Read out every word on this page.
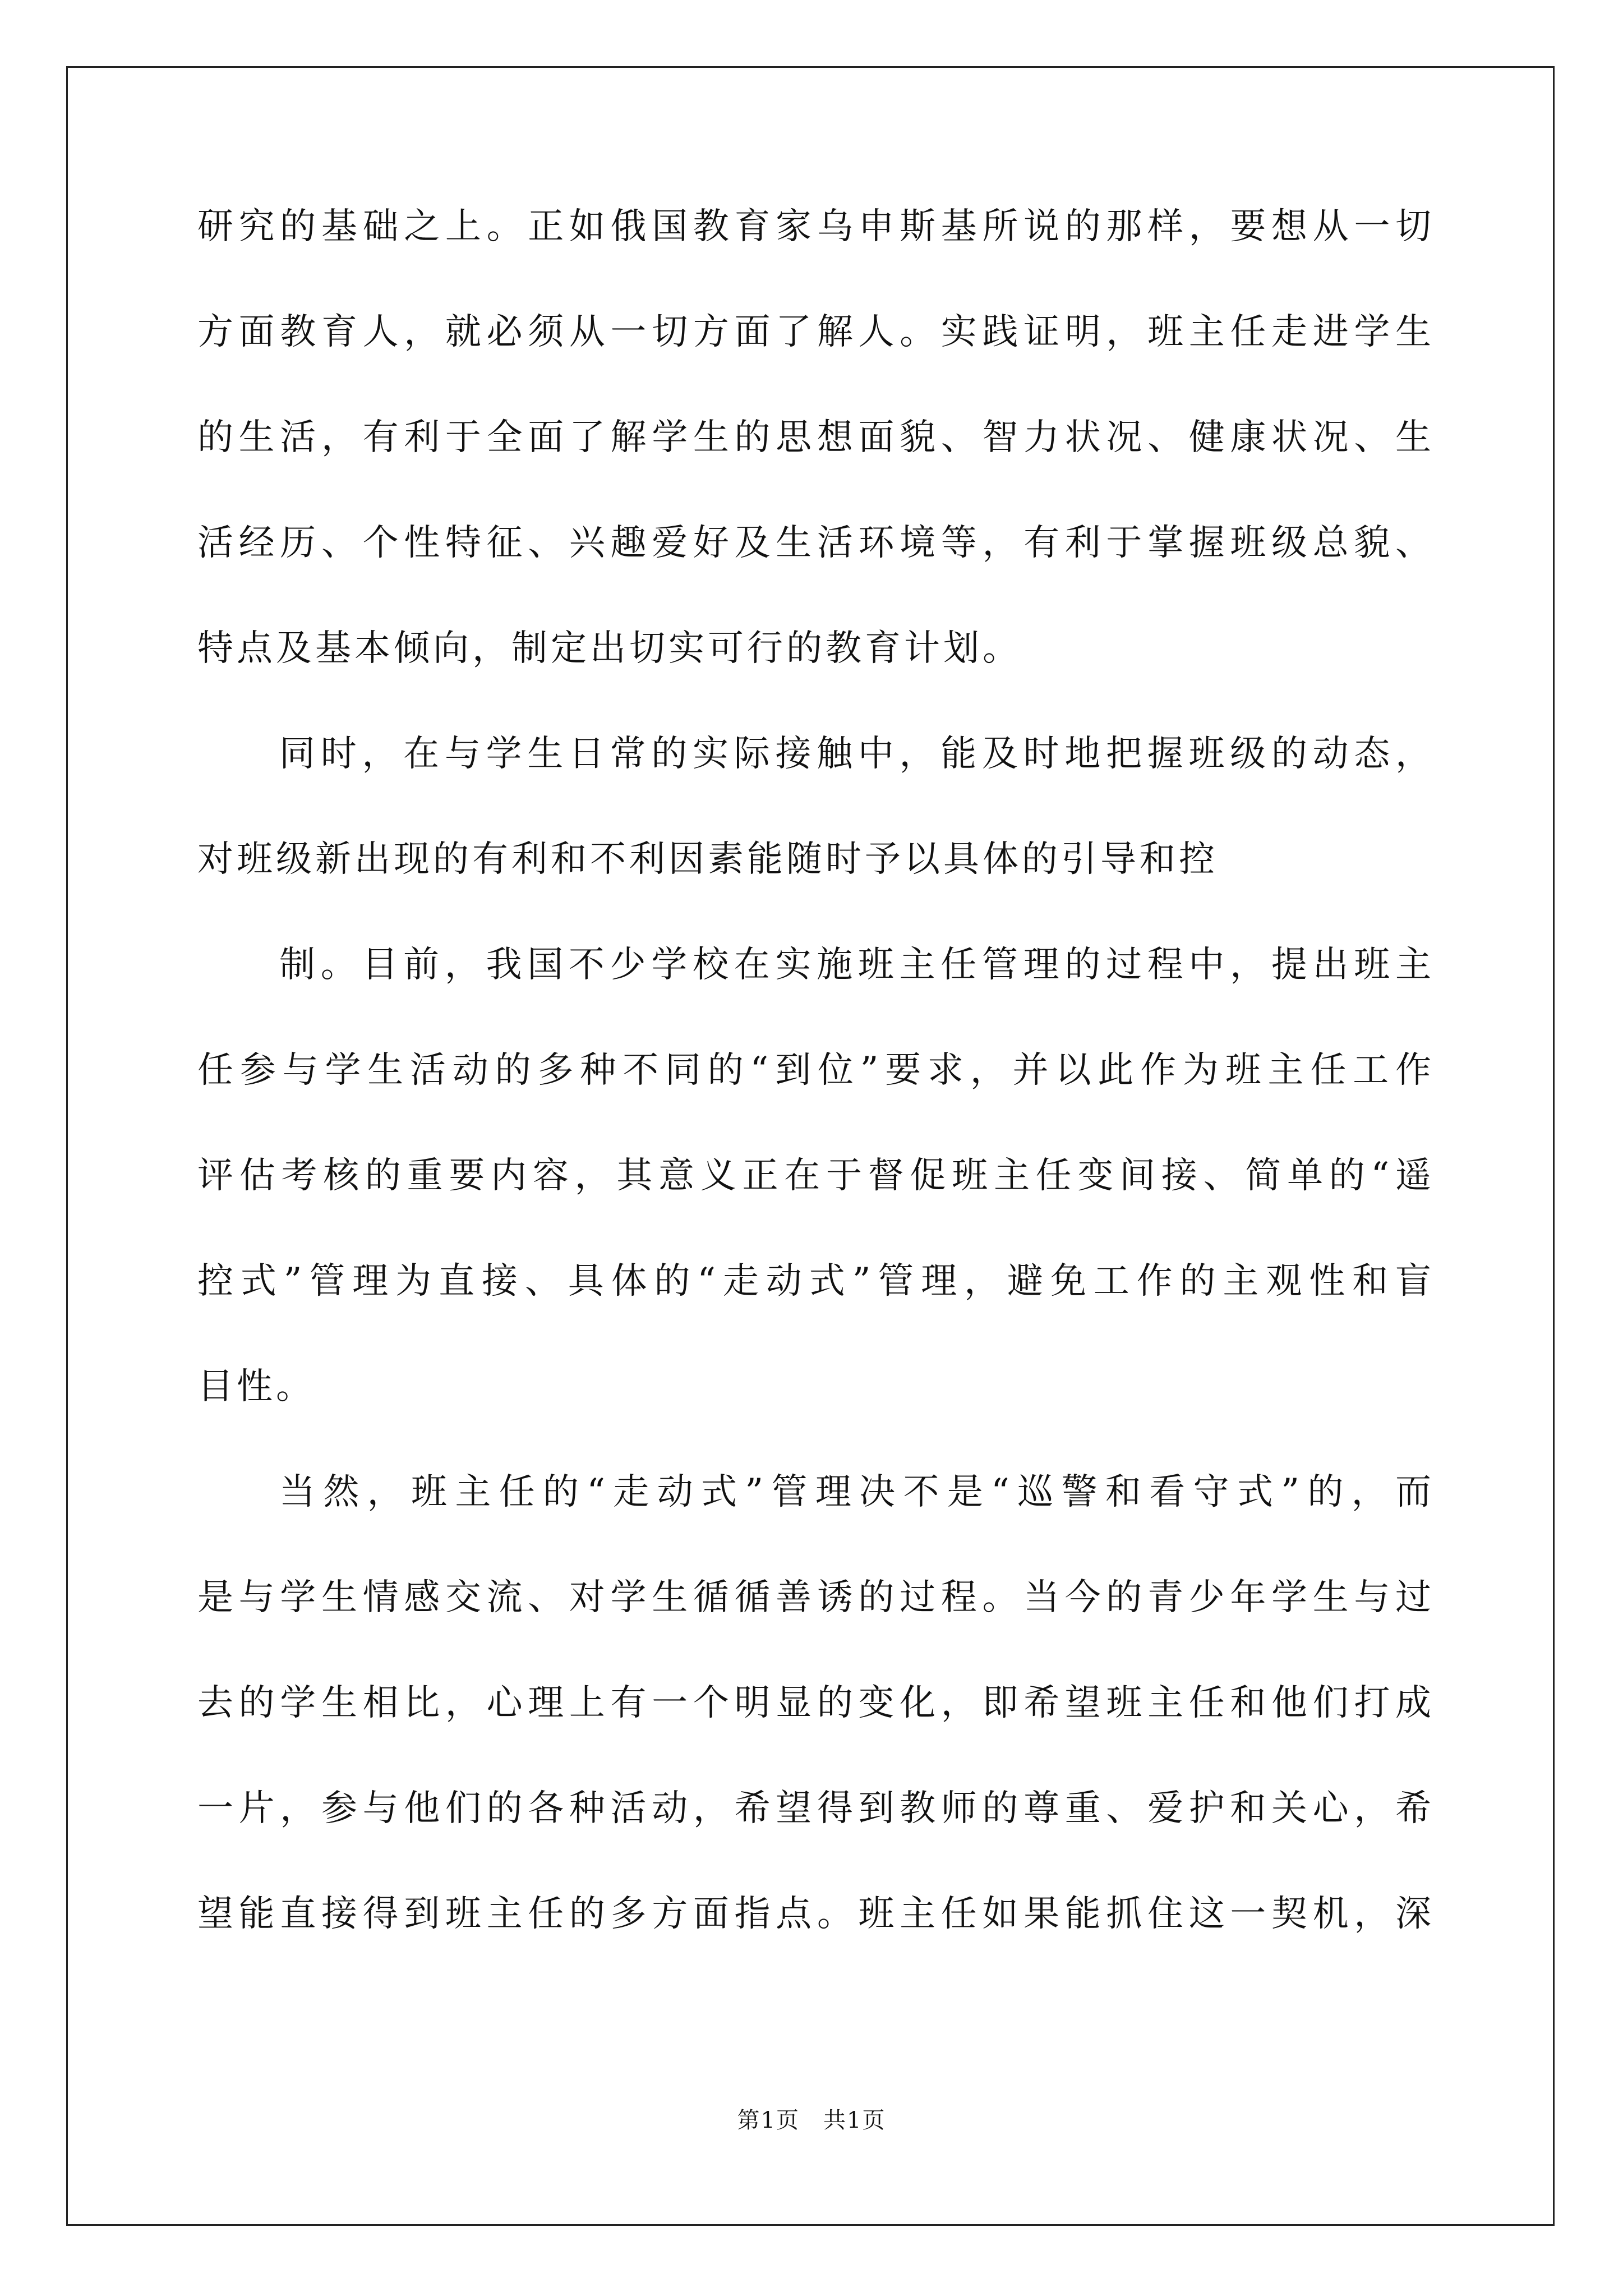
研究的基础之上。正如俄国教育家乌申斯基所说的那样，要想从一切
方面教育人，就必须从一切方面了解人。实践证明，班主任走进学生
的生活，有利于全面了解学生的思想面貌、智力状况、健康状况、生
活经历、个性特征、兴趣爱好及生活环境等，有利于掌握班级总貌、
特点及基本倾向，制定出切实可行的教育计划。
同时，在与学生日常的实际接触中，能及时地把握班级的动态，
对班级新出现的有利和不利因素能随时予以具体的引导和控
制。目前，我国不少学校在实施班主任管理的过程中，提出班主
任参与学生活动的多种不同的“到位”要求，并以此作为班主任工作
评估考核的重要内容，其意义正在于督促班主任变间接、简单的“遥
控式”管理为直接、具体的“走动式”管理，避免工作的主观性和盲
目性。
当然，班主任的“走动式”管理决不是“巡警和看守式”的，而
是与学生情感交流、对学生循循善诱的过程。当今的青少年学生与过
去的学生相比，心理上有一个明显的变化，即希望班主任和他们打成
一片，参与他们的各种活动，希望得到教师的尊重、爱护和关心，希
望能直接得到班主任的多方面指点。班主任如果能抓住这一契机，深
第1页　共1页
